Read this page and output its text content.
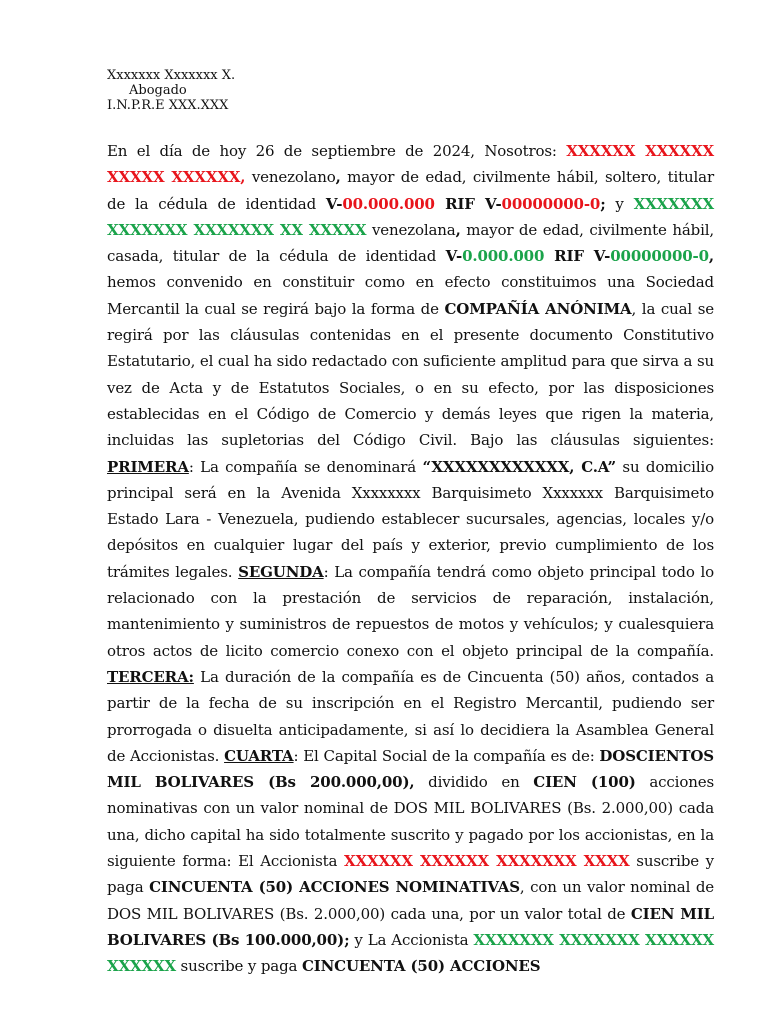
Xxxxxxx Xxxxxxx X.
Abogado
I.N.P.R.E XXX.XXX
En el día de hoy 26 de septiembre de 2024, Nosotros: XXXXXX XXXXXX XXXXX XXXXXX, venezolano, mayor de edad, civilmente hábil, soltero, titular de la cédula de identidad V-00.000.000 RIF V-00000000-0; y XXXXXXX XXXXXXX XXXXXXX XX XXXXX venezolana, mayor de edad, civilmente hábil, casada, titular de la cédula de identidad V-0.000.000 RIF V-00000000-0, hemos convenido en constituir como en efecto constituimos una Sociedad Mercantil la cual se regirá bajo la forma de COMPAÑÍA ANÓNIMA, la cual se regirá por las cláusulas contenidas en el presente documento Constitutivo Estatutario, el cual ha sido redactado con suficiente amplitud para que sirva a su vez de Acta y de Estatutos Sociales, o en su efecto, por las disposiciones establecidas en el Código de Comercio y demás leyes que rigen la materia, incluidas las supletorias del Código Civil. Bajo las cláusulas siguientes: PRIMERA: La compañía se denominará “XXXXXXXXXXXX, C.A” su domicilio principal será en la Avenida Xxxxxxxx Barquisimeto Xxxxxxx Barquisimeto Estado Lara - Venezuela, pudiendo establecer sucursales, agencias, locales y/o depósitos en cualquier lugar del país y exterior, previo cumplimiento de los trámites legales. SEGUNDA: La compañía tendrá como objeto principal todo lo relacionado con la prestación de servicios de reparación, instalación, mantenimiento y suministros de repuestos de motos y vehículos; y cualesquiera otros actos de licito comercio conexo con el objeto principal de la compañía. TERCERA: La duración de la compañía es de Cincuenta (50) años, contados a partir de la fecha de su inscripción en el Registro Mercantil, pudiendo ser prorrogada o disuelta anticipadamente, si así lo decidiera la Asamblea General de Accionistas. CUARTA: El Capital Social de la compañía es de: DOSCIENTOS MIL BOLIVARES (Bs 200.000,00), dividido en CIEN (100) acciones nominativas con un valor nominal de DOS MIL BOLIVARES (Bs. 2.000,00) cada una, dicho capital ha sido totalmente suscrito y pagado por los accionistas, en la siguiente forma: El Accionista XXXXXX XXXXXX XXXXXXX XXXX suscribe y paga CINCUENTA (50) ACCIONES NOMINATIVAS, con un valor nominal de DOS MIL BOLIVARES (Bs. 2.000,00) cada una, por un valor total de CIEN MIL BOLIVARES (Bs 100.000,00); y La Accionista XXXXXXX XXXXXXX XXXXXX XXXXXX suscribe y paga CINCUENTA (50) ACCIONES
